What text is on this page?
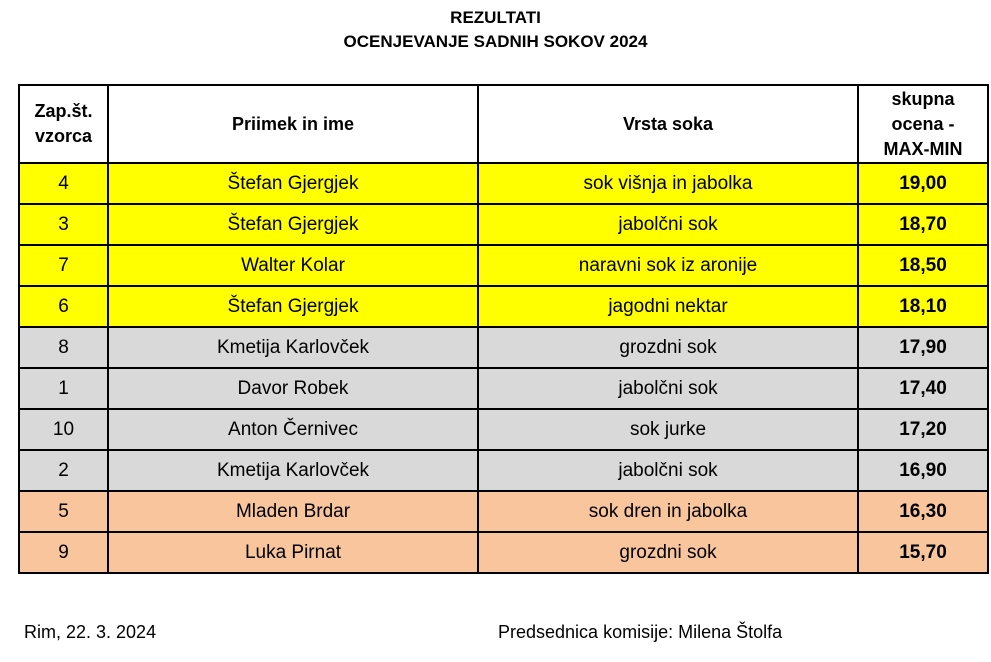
REZULTATI
OCENJEVANJE SADNIH SOKOV 2024
Zap.št. vzorca	Priimek in ime	Vrsta soka	skupna ocena - MAX-MIN
4	Štefan Gjergjek	sok višnja in jabolka	19,00
3	Štefan Gjergjek	jabolčni sok	18,70
7	Walter Kolar	naravni sok iz aronije	18,50
6	Štefan Gjergjek	jagodni nektar	18,10
8	Kmetija Karlovček	grozdni sok	17,90
1	Davor Robek	jabolčni sok	17,40
10	Anton Černivec	sok jurke	17,20
2	Kmetija Karlovček	jabolčni sok	16,90
5	Mladen Brdar	sok dren in jabolka	16,30
9	Luka Pirnat	grozdni sok	15,70
Rim, 22. 3. 2024	Predsednica komisije: Milena Štolfa
